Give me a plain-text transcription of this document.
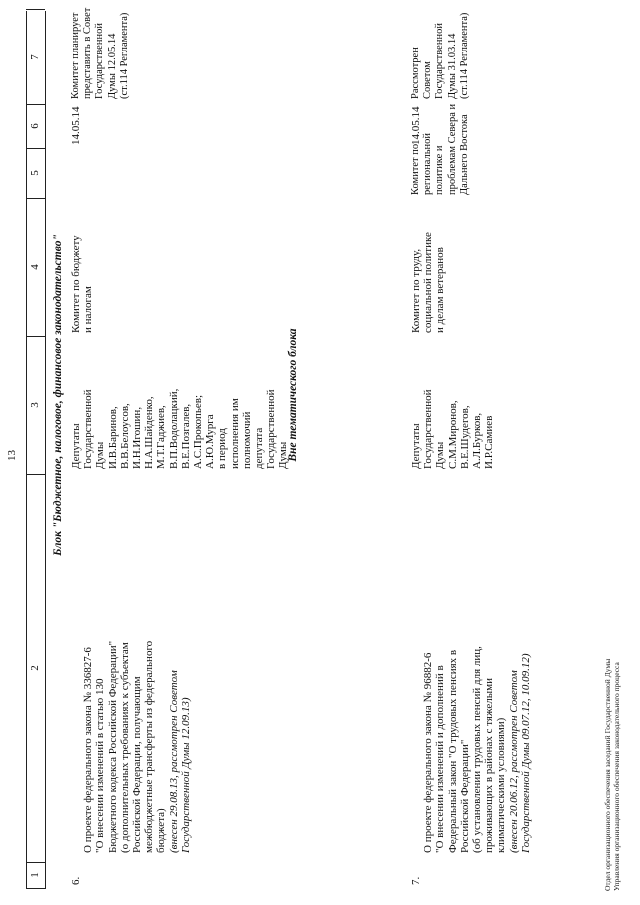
13
1
2
3
4
5
6
7
Блок "Бюджетное, налоговое, финансовое законодательство"
6.

О проекте федерального закона № 336827-6
"О внесении изменений в статью 130
Бюджетного кодекса Российской Федерации"
(о дополнительных требованиях к субъектам
Российской Федерации, получающим
межбюджетные трансферты из федерального
бюджета) (внесен 29.08.13, рассмотрен Советом
Государственной Думы 12.09.13)

Депутаты
Государственной
Думы
И.В.Баринов,
В.В.Белоусов,
И.Н.Игошин,
Н.А.Шайденко,
М.Т.Гаджиев,
В.П.Водолацкий,
В.Е.Позгалев,
А.С.Прокопьев;
А.Ю.Мурга
в период
исполнения им
полномочий
депутата
Государственной
Думы
Комитет по бюджету
и налогам
Вне тематического блока
7.

О проекте федерального закона № 96882-6
"О внесении изменений и дополнений в
Федеральный закон "О трудовых пенсиях в
Российской Федерации"
(об установлении трудовых пенсий для лиц,
проживающих в районах с тяжелыми
климатическими условиями)

(внесен 20.06.12, рассмотрен Советом
Государственной Думы 09.07.12, 10.09.12)

Депутаты
Государственной
Думы
С.М.Миронов,
В.Е.Шудегов,
А.Л.Бурков,
И.Р.Самиев
Комитет по труду,
социальной политике
и делам ветеранов
Комитет по
региональной
политике и
проблемам Севера и
Дальнего Востока
Отдел организационного обеспечения заседаний Государственной Думы Управления организационного обеспечения законодательного процесса
14.05.14
Комитет планирует
представить в Совет
Государственной
Думы 12.05.14
(ст.114 Регламента)
14.05.14
Рассмотрен
Советом
Государственной
Думы 31.03.14
(ст.114 Регламента)
